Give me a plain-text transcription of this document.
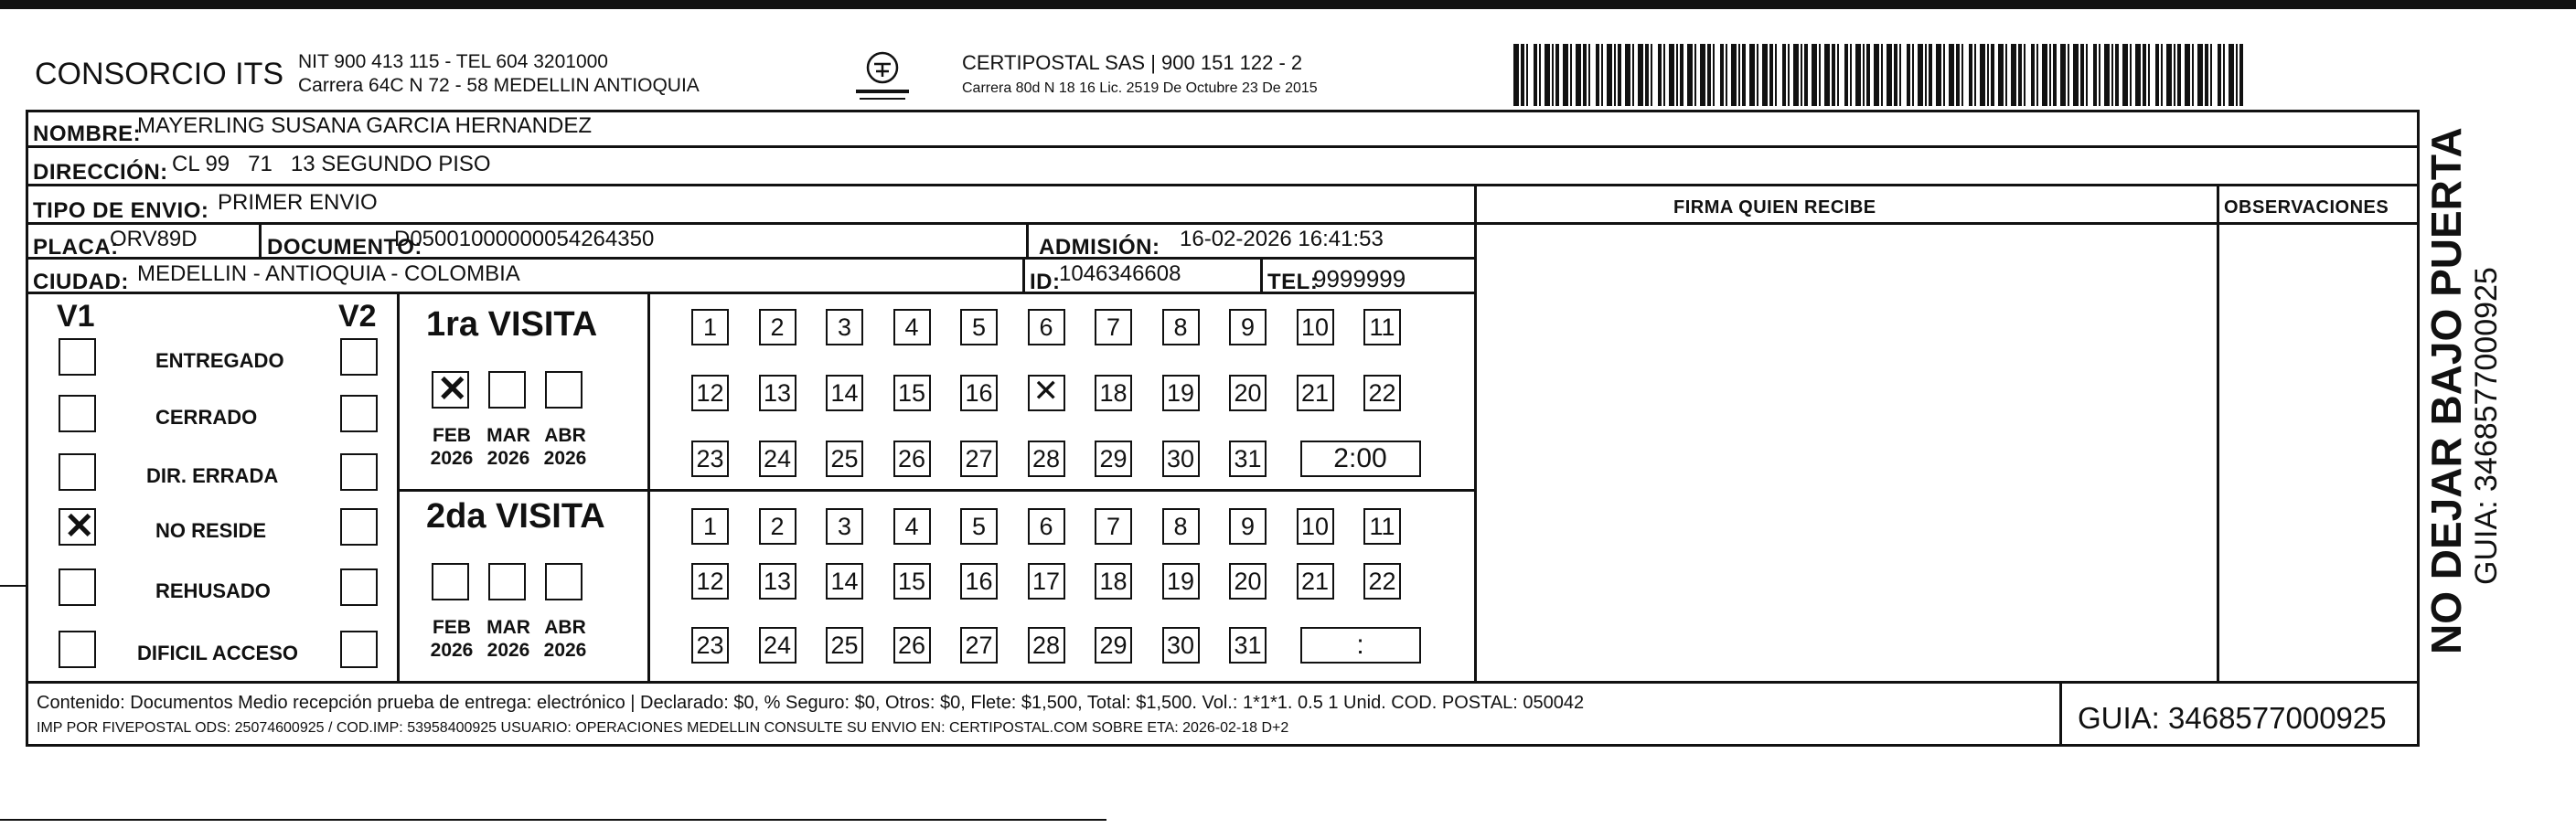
CONSORCIO ITS NIT 900 413 115 - TEL 604 3201000
Carrera 64C N 72 - 58 MEDELLIN ANTIOQUIA
CERTIPOSTAL SAS | 900 151 122 - 2
Carrera 80d N 18 16 Lic. 2519 De Octubre 23 De 2015
NOMBRE:
MAYERLING SUSANA GARCIA HERNANDEZ
DIRECCIÓN: CL 99   71   13 SEGUNDO PISO
TIPO DE ENVIO: PRIMER ENVIO	FIRMA QUIEN RECIBE	OBSERVACIONES
PLACA:
ORV89D	DOCUMENTO:
D05001000000054264350	ADMISIÓN: 16-02-2026 16:41:53
CIUDAD: MEDELLIN - ANTIOQUIA - COLOMBIA	ID:
1046346608	TEL:
9999999
V1	V2
ENTREGADO
CERRADO
DIR. ERRADA
✕	NO RESIDE
REHUSADO
DIFICIL ACCESO
1ra VISITA
2da VISITA
✕
FEB
2026
MAR
2026
ABR
2026
FEB
2026
MAR
2026
ABR
2026
1	2	3	4	5	6	7	8	9	10 11
12 13 14 15 16
✕	18 19 20 21 22
23 24 25 26 27 28 29 30 31	2:00
1	2	3	4	5	6	7	8	9	10 11
12 13 14 15 16 17 18 19 20 21 22
23 24 25 26 27 28 29 30 31	:
Contenido: Documentos Medio recepción prueba de entrega: electrónico | Declarado: $0, % Seguro: $0, Otros: $0, Flete: $1,500, Total: $1,500. Vol.: 1*1*1. 0.5 1 Unid. COD. POSTAL: 050042
IMP POR FIVEPOSTAL ODS: 25074600925 / COD.IMP: 53958400925 USUARIO: OPERACIONES MEDELLIN CONSULTE SU ENVIO EN: CERTIPOSTAL.COM SOBRE ETA: 2026-02-18 D+2	GUIA: 3468577000925
NO DEJAR BAJO PUERTA GUIA: 3468577000925
